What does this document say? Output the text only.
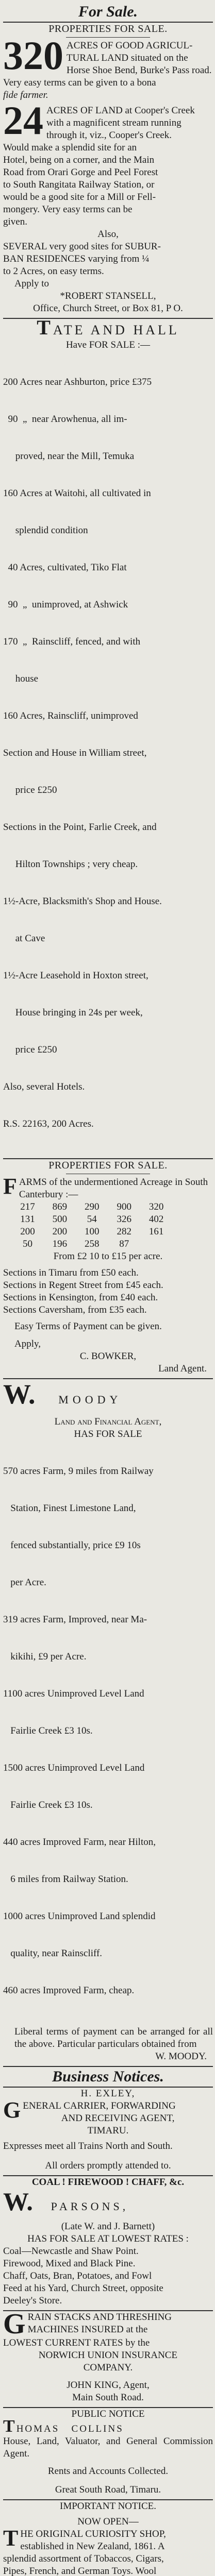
For Sale.
PROPERTIES FOR SALE.
320 ACRES OF GOOD AGRICUL-
TURAL LAND situated on the
Horse Shoe Bend, Burke's Pass road.
Very easy terms can be given to a bona
fide farmer.
24 ACRES OF LAND at Cooper's Creek
with a magnificent stream running
through it, viz., Cooper's Creek.
Would make a splendid site for an
Hotel, being on a corner, and the Main
Road from Orari Gorge and Peel Forest
to South Rangitata Railway Station, or
would be a good site for a Mill or Fell-
mongery. Very easy terms can be
given.
Also,
SEVERAL very good sites for SUBUR-
BAN RESIDENCES varying from ¼
to 2 Acres, on easy terms.
Apply to
*ROBERT STANSELL,
Office, Church Street, or Box 81, P O.
TATE AND HALL
Have FOR SALE :—

200 Acres near Ashburton, price £375

90  „  near Arowhenua, all im-

proved, near the Mill, Temuka

160 Acres at Waitohi, all cultivated in

splendid condition

40 Acres, cultivated, Tiko Flat

90  „  unimproved, at Ashwick

170  „  Rainscliff, fenced, and with

house

160 Acres, Rainscliff, unimproved

Section and House in William street,

price £250

Sections in the Point, Farlie Creek, and

Hilton Townships ; very cheap.

1½-Acre, Blacksmith's Shop and House.

at Cave

1½-Acre Leasehold in Hoxton street,

House bringing in 24s per week,

price £250

Also, several Hotels.

R.S. 22163, 200 Acres.

PROPERTIES FOR SALE.
FARMS of the undermentioned Acreage in South Canterbury :—
217	869	290	900	320
131	500	54	326	402
200	200	100	282	161
50	196	258	87
From £2 10 to £15 per acre.
Sections in Timaru from £50 each.
Sections in Regent Street from £45 each.
Sections in Kensington, from £40 each.
Sections Caversham, from £35 each.
Easy Terms of Payment can be given.
Apply,
C. BOWKER,
Land Agent.
W. MOODY
Land and Financial Agent,
HAS FOR SALE

570 acres Farm, 9 miles from Railway

Station, Finest Limestone Land,

fenced substantially, price £9 10s

per Acre.

319 acres Farm, Improved, near Ma-

kikihi, £9 per Acre.

1100 acres Unimproved Level Land

Fairlie Creek £3 10s.

1500 acres Unimproved Level Land

Fairlie Creek £3 10s.

440 acres Improved Farm, near Hilton,

6 miles from Railway Station.

1000 acres Unimproved Land splendid

quality, near Rainscliff.

460 acres Improved Farm, cheap.

Liberal terms of payment can be arranged for all the above. Particular particulars obtained from
W. MOODY.
Business Notices.
H. EXLEY,
G ENERAL CARRIER, FORWARDING
AND RECEIVING AGENT,
TIMARU.
Expresses meet all Trains North and South.
All orders promptly attended to.
COAL ! FIREWOOD ! CHAFF, &c.
W. PARSONS,
(Late W. and J. Barnett)
HAS FOR SALE AT LOWEST RATES :
Coal—Newcastle and Shaw Point.
Firewood, Mixed and Black Pine.
Chaff, Oats, Bran, Potatoes, and Fowl
Feed at his Yard, Church Street, opposite
Deeley's Store.
G RAIN STACKS AND THRESHING
MACHINES INSURED at the
LOWEST CURRENT RATES by the
NORWICH UNION INSURANCE
COMPANY.
JOHN KING, Agent,
Main South Road.
PUBLIC NOTICE
THOMAS   COLLINS
House, Land, Valuator, and General Commission Agent.
Rents and Accounts Collected.
Great South Road, Timaru.
IMPORTANT NOTICE.
NOW OPEN—
T HE ORIGINAL CURIOSITY SHOP,
established in New Zealand, 1861. A
splendid assortment of Tobaccos, Cigars,
Pipes, French, and German Toys. Wool
